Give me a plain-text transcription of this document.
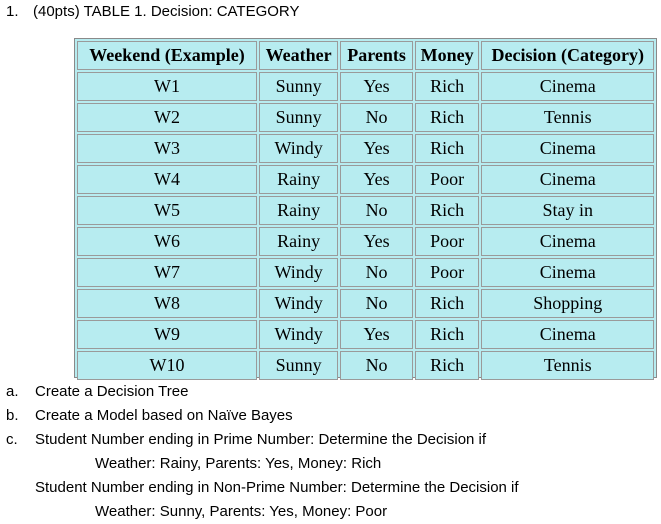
1. (40pts) TABLE 1. Decision: CATEGORY
Weekend (Example)	Weather	Parents	Money	Decision (Category)
W1	Sunny	Yes	Rich	Cinema
W2	Sunny	No	Rich	Tennis
W3	Windy	Yes	Rich	Cinema
W4	Rainy	Yes	Poor	Cinema
W5	Rainy	No	Rich	Stay in
W6	Rainy	Yes	Poor	Cinema
W7	Windy	No	Poor	Cinema
W8	Windy	No	Rich	Shopping
W9	Windy	Yes	Rich	Cinema
W10	Sunny	No	Rich	Tennis
a. Create a Decision Tree
b. Create a Model based on Naïve Bayes
c. Student Number ending in Prime Number: Determine the Decision if
Weather: Rainy, Parents: Yes, Money: Rich
Student Number ending in Non-Prime Number: Determine the Decision if
Weather: Sunny, Parents: Yes, Money: Poor
